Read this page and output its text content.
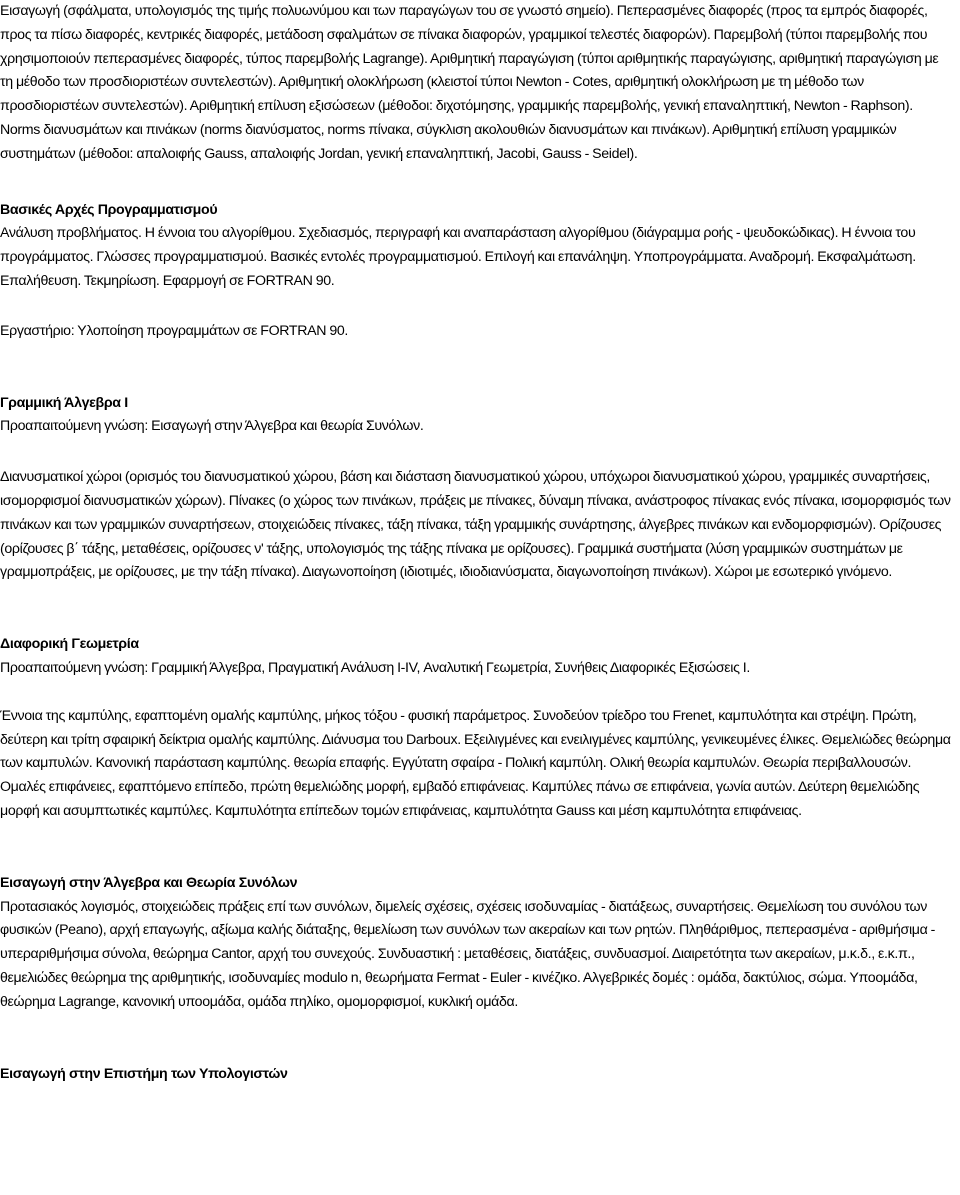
Εισαγωγή (σφάλματα, υπολογισμός της τιμής πολυωνύμου και των παραγώγων του σε γνωστό σημείο). Πεπερασμένες διαφορές (προς τα εμπρός διαφορές, προς τα πίσω διαφορές, κεντρικές διαφορές, μετάδοση σφαλμάτων σε πίνακα διαφορών, γραμμικοί τελεστές διαφορών). Παρεμβολή (τύποι παρεμβολής που χρησιμοποιούν πεπερασμένες διαφορές, τύπος παρεμβολής Lagrange). Αριθμητική παραγώγιση (τύποι αριθμητικής παραγώγισης, αριθμητική παραγώγιση με τη μέθοδο των προσδιοριστέων συντελεστών). Αριθμητική ολοκλήρωση (κλειστοί τύποι Newton - Cotes, αριθμητική ολοκλήρωση με τη μέθοδο των προσδιοριστέων συντελεστών). Αριθμητική επίλυση εξισώσεων (μέθοδοι: διχοτόμησης, γραμμικής παρεμβολής, γενική επαναληπτική, Newton - Raphson). Norms διανυσμάτων και πινάκων (norms διανύσματος, norms πίνακα, σύγκλιση ακολουθιών διανυσμάτων και πινάκων). Αριθμητική επίλυση γραμμικών συστημάτων (μέθοδοι: απαλοιφής Gauss, απαλοιφής Jordan, γενική επαναληπτική, Jacobi, Gauss - Seidel).

Βασικές Αρχές Προγραμματισμού

Ανάλυση προβλήματος. Η έννοια του αλγορίθμου. Σχεδιασμός, περιγραφή και αναπαράσταση αλγορίθμου (διάγραμμα ροής - ψευδοκώδικας). Η έννοια του προγράμματος. Γλώσσες προγραμματισμού. Βασικές εντολές προγραμματισμού. Επιλογή και επανάληψη. Υποπρογράμματα. Αναδρομή. Εκσφαλμάτωση. Επαλήθευση. Τεκμηρίωση. Εφαρμογή σε FORTRAN 90.

Εργαστήριο: Υλοποίηση προγραμμάτων σε FORTRAN 90.

Γραμμική Άλγεβρα Ι

Προαπαιτούμενη γνώση: Εισαγωγή στην Άλγεβρα και θεωρία Συνόλων.

Διανυσματικοί χώροι (ορισμός του διανυσματικού χώρου, βάση και διάσταση διανυσματικού χώρου, υπόχωροι διανυσματικού χώρου, γραμμικές συναρτήσεις, ισομορφισμοί διανυσματικών χώρων). Πίνακες (ο χώρος των πινάκων, πράξεις με πίνακες, δύναμη πίνακα, ανάστροφος πίνακας ενός πίνακα, ισομορφισμός των πινάκων και των γραμμικών συναρτήσεων, στοιχειώδεις πίνακες, τάξη πίνακα, τάξη γραμμικής συνάρτησης, άλγεβρες πινάκων και ενδομορφισμών). Ορίζουσες (ορίζουσες β΄ τάξης, μεταθέσεις, ορίζουσες ν' τάξης, υπολογισμός της τάξης πίνακα με ορίζουσες). Γραμμικά συστήματα (λύση γραμμικών συστημάτων με γραμμοπράξεις, με ορίζουσες, με την τάξη πίνακα). Διαγωνοποίηση (ιδιοτιμές, ιδιοδιανύσματα, διαγωνοποίηση πινάκων). Χώροι με εσωτερικό γινόμενο.

Διαφορική Γεωμετρία

Προαπαιτούμενη γνώση: Γραμμική Άλγεβρα, Πραγματική Ανάλυση Ι-IV, Αναλυτική Γεωμετρία, Συνήθεις Διαφορικές Εξισώσεις Ι.

Έννοια της καμπύλης, εφαπτομένη ομαλής καμπύλης, μήκος τόξου - φυσική παράμετρος. Συνοδεύον τρίεδρο του Frenet, καμπυλότητα και στρέψη. Πρώτη, δεύτερη και τρίτη σφαιρική δείκτρια ομαλής καμπύλης. Διάνυσμα του Darboux. Εξειλιγμένες και ενειλιγμένες καμπύλης, γενικευμένες έλικες. Θεμελιώδες θεώρημα των καμπυλών. Κανονική παράσταση καμπύλης. θεωρία επαφής. Εγγύτατη σφαίρα - Πολική καμπύλη. Ολική θεωρία καμπυλών. Θεωρία περιβαλλουσών. Ομαλές επιφάνειες, εφαπτόμενο επίπεδο, πρώτη θεμελιώδης μορφή, εμβαδό επιφάνειας. Καμπύλες πάνω σε επιφάνεια, γωνία αυτών. Δεύτερη θεμελιώδης μορφή και ασυμπτωτικές καμπύλες. Καμπυλότητα επίπεδων τομών επιφάνειας, καμπυλότητα Gauss και μέση καμπυλότητα επιφάνειας.

Εισαγωγή στην Άλγεβρα και Θεωρία Συνόλων

Προτασιακός λογισμός, στοιχειώδεις πράξεις επί των συνόλων, διμελείς σχέσεις, σχέσεις ισοδυναμίας - διατάξεως, συναρτήσεις. Θεμελίωση του συνόλου των φυσικών (Peano), αρχή επαγωγής, αξίωμα καλής διάταξης, θεμελίωση των συνόλων των ακεραίων και των ρητών. Πληθάριθμος, πεπερασμένα - αριθμήσιμα - υπεραριθμήσιμα σύνολα, θεώρημα Cantor, αρχή του συνεχούς. Συνδυαστική : μεταθέσεις, διατάξεις, συνδυασμοί. Διαιρετότητα των ακεραίων, μ.κ.δ., ε.κ.π., θεμελιώδες θεώρημα της αριθμητικής, ισοδυναμίες modulo n, θεωρήματα Fermat - Euler - κινέζικο. Αλγεβρικές δομές : ομάδα, δακτύλιος, σώμα. Υποομάδα, θεώρημα Lagrange, κανονική υποομάδα, ομάδα πηλίκο, ομομορφισμοί, κυκλική ομάδα.

Εισαγωγή στην Επιστήμη των Υπολογιστών
